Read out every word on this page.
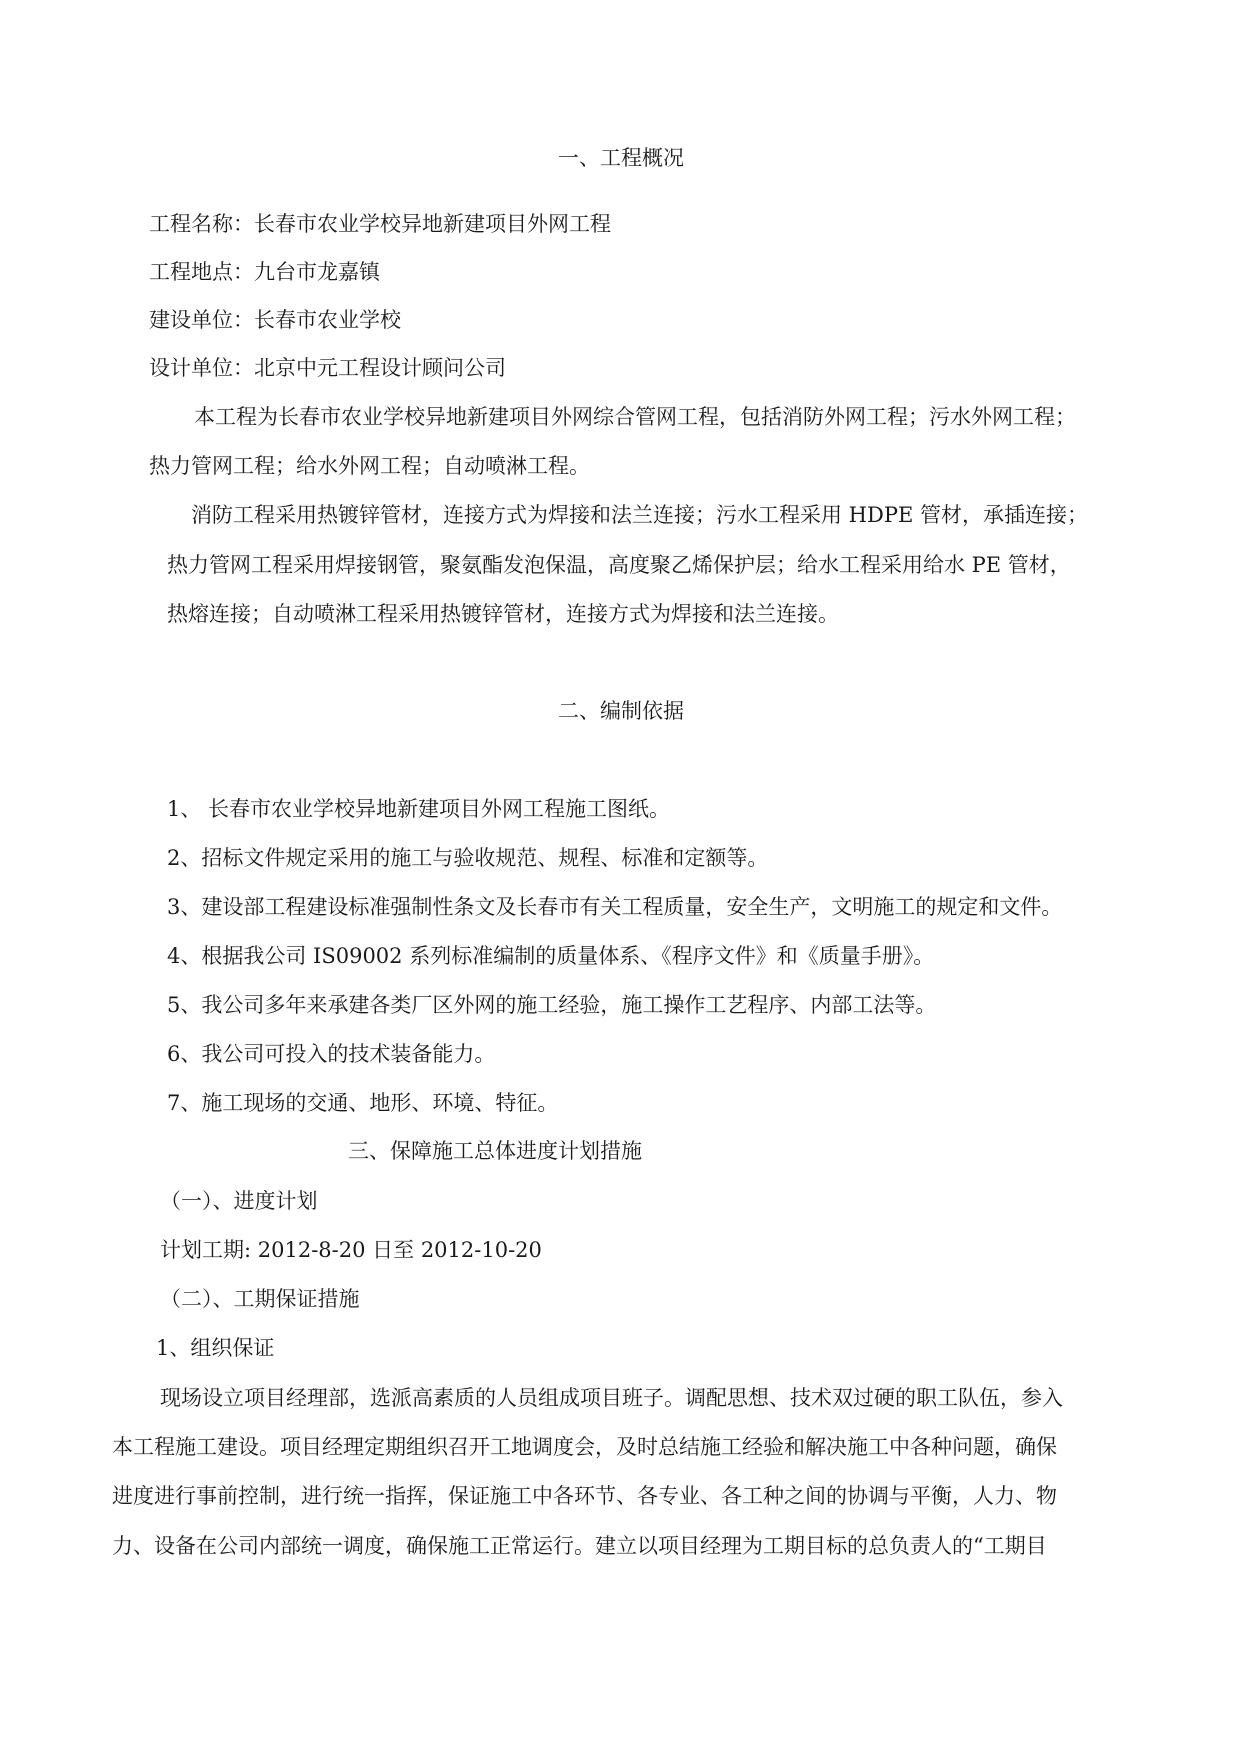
一、工程概况
工程名称：长春市农业学校异地新建项目外网工程
工程地点：九台市龙嘉镇
建设单位：长春市农业学校
设计单位：北京中元工程设计顾问公司
本工程为长春市农业学校异地新建项目外网综合管网工程，包括消防外网工程；污水外网工程；
热力管网工程；给水外网工程；自动喷淋工程。
消防工程采用热镀锌管材，连接方式为焊接和法兰连接；污水工程采用 HDPE 管材，承插连接；
热力管网工程采用焊接钢管，聚氨酯发泡保温，高度聚乙烯保护层；给水工程采用给水 PE 管材，
热熔连接；自动喷淋工程采用热镀锌管材，连接方式为焊接和法兰连接。
二、编制依据
1、 长春市农业学校异地新建项目外网工程施工图纸。
2、招标文件规定采用的施工与验收规范、规程、标准和定额等。
3、建设部工程建设标准强制性条文及长春市有关工程质量，安全生产，文明施工的规定和文件。
4、根据我公司 IS09002 系列标准编制的质量体系、《程序文件》和《质量手册》。
5、我公司多年来承建各类厂区外网的施工经验，施工操作工艺程序、内部工法等。
6、我公司可投入的技术装备能力。
7、施工现场的交通、地形、环境、特征。
三、保障施工总体进度计划措施
（一）、进度计划
计划工期: 2012-8-20 日至 2012-10-20
（二）、工期保证措施
1、组织保证
现场设立项目经理部，选派高素质的人员组成项目班子。调配思想、技术双过硬的职工队伍，参入
本工程施工建设。项目经理定期组织召开工地调度会，及时总结施工经验和解决施工中各种问题，确保
进度进行事前控制，进行统一指挥，保证施工中各环节、各专业、各工种之间的协调与平衡，人力、物
力、设备在公司内部统一调度，确保施工正常运行。建立以项目经理为工期目标的总负责人的“工期目
